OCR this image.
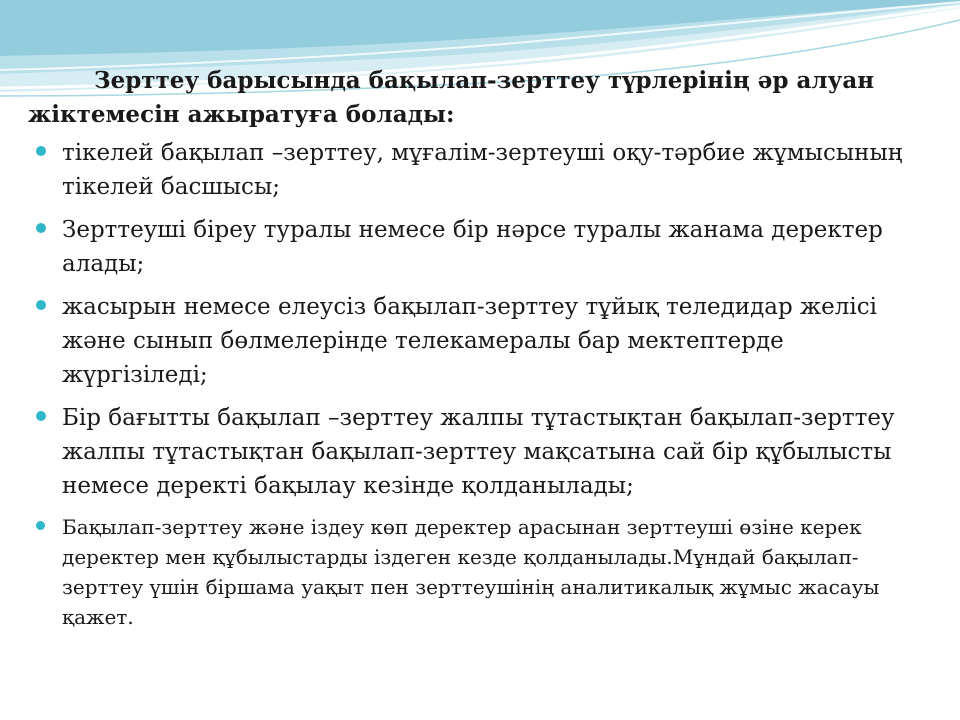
Зерттеу барысында бақылап-зерттеу түрлерінің әр алуан жіктемесін ажыратуға болады:

тікелей бақылап –зерттеу, мұғалім-зертеуші оқу-тәрбие жұмысының тікелей басшысы;
Зерттеуші біреу туралы немесе бір нәрсе туралы жанама деректер алады;
жасырын немесе елеусіз бақылап-зерттеу тұйық теледидар желісі және сынып бөлмелерінде телекамералы бар мектептерде жүргізіледі;
Бір бағытты бақылап –зерттеу жалпы тұтастықтан бақылап-зерттеу жалпы тұтастықтан бақылап-зерттеу мақсатына сай бір құбылысты немесе деректі бақылау кезінде қолданылады;
Бақылап-зерттеу және іздеу көп деректер арасынан зерттеуші өзіне керек деректер мен құбылыстарды іздеген кезде қолданылады.Мұндай бақылап-зерттеу үшін біршама уақыт пен зерттеушінің аналитикалық жұмыс жасауы қажет.
